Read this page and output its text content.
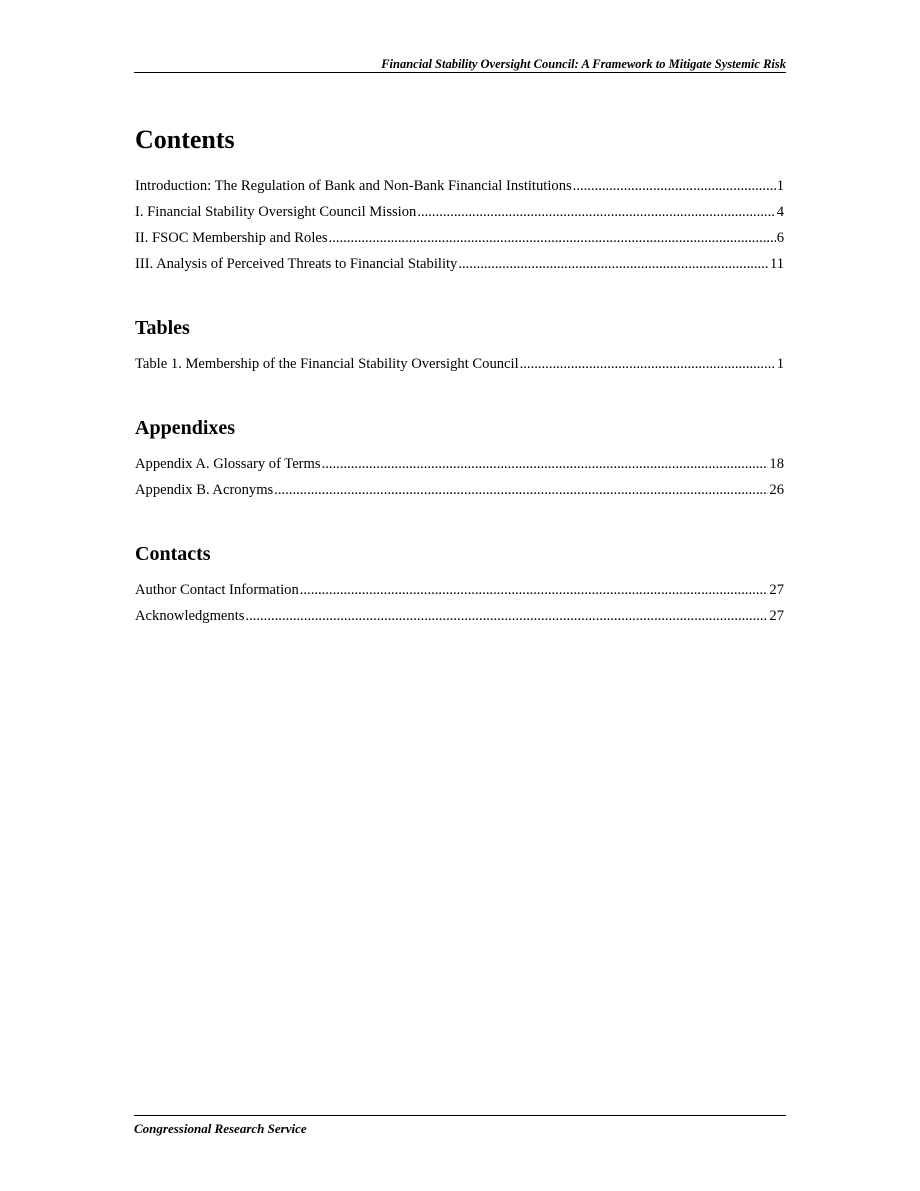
Financial Stability Oversight Council: A Framework to Mitigate Systemic Risk
Contents
Introduction: The Regulation of Bank and Non-Bank Financial Institutions .....	1
I. Financial Stability Oversight Council Mission .....	4
II. FSOC Membership and Roles .....	6
III. Analysis of Perceived Threats to Financial Stability .....	11
Tables
Table 1. Membership of the Financial Stability Oversight Council .....	1
Appendixes
Appendix A. Glossary of Terms .....	18
Appendix B. Acronyms .....	26
Contacts
Author Contact Information .....	27
Acknowledgments .....	27
Congressional Research Service
